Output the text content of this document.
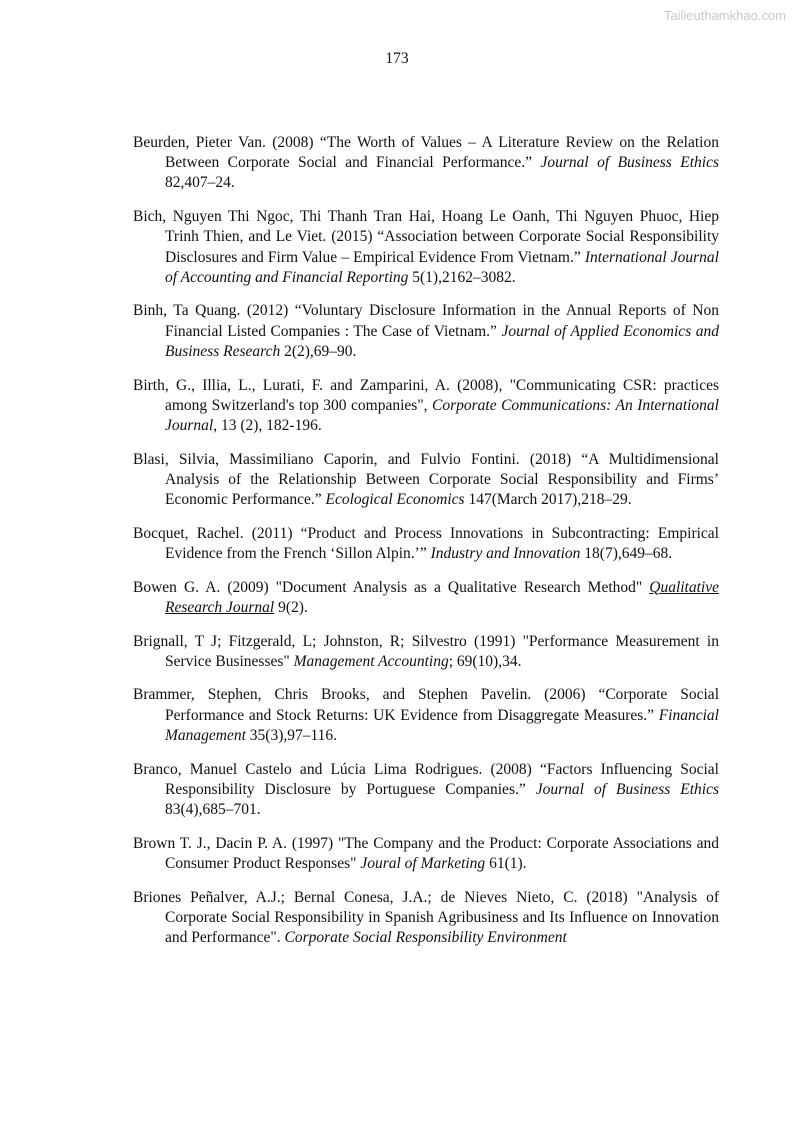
Tailieuthamkhao.com
173
Beurden, Pieter Van. (2008) “The Worth of Values – A Literature Review on the Relation Between Corporate Social and Financial Performance.” Journal of Business Ethics 82,407–24.
Bich, Nguyen Thi Ngoc, Thi Thanh Tran Hai, Hoang Le Oanh, Thi Nguyen Phuoc, Hiep Trinh Thien, and Le Viet. (2015) “Association between Corporate Social Responsibility Disclosures and Firm Value – Empirical Evidence From Vietnam.” International Journal of Accounting and Financial Reporting 5(1),2162–3082.
Binh, Ta Quang. (2012) “Voluntary Disclosure Information in the Annual Reports of Non Financial Listed Companies : The Case of Vietnam.” Journal of Applied Economics and Business Research 2(2),69–90.
Birth, G., Illia, L., Lurati, F. and Zamparini, A. (2008), "Communicating CSR: practices among Switzerland's top 300 companies", Corporate Communications: An International Journal, 13 (2), 182-196.
Blasi, Silvia, Massimiliano Caporin, and Fulvio Fontini. (2018) “A Multidimensional Analysis of the Relationship Between Corporate Social Responsibility and Firms’ Economic Performance.” Ecological Economics 147(March 2017),218–29.
Bocquet, Rachel. (2011) “Product and Process Innovations in Subcontracting: Empirical Evidence from the French ‘Sillon Alpin.’” Industry and Innovation 18(7),649–68.
Bowen G. A. (2009) "Document Analysis as a Qualitative Research Method" Qualitative Research Journal 9(2).
Brignall, T J; Fitzgerald, L; Johnston, R; Silvestro (1991) "Performance Measurement in Service Businesses" Management Accounting; 69(10),34.
Brammer, Stephen, Chris Brooks, and Stephen Pavelin. (2006) “Corporate Social Performance and Stock Returns: UK Evidence from Disaggregate Measures.” Financial Management 35(3),97–116.
Branco, Manuel Castelo and Lúcia Lima Rodrigues. (2008) “Factors Influencing Social Responsibility Disclosure by Portuguese Companies.” Journal of Business Ethics 83(4),685–701.
Brown T. J., Dacin P. A. (1997) "The Company and the Product: Corporate Associations and Consumer Product Responses" Joural of Marketing 61(1).
Briones Peñalver, A.J.; Bernal Conesa, J.A.; de Nieves Nieto, C. (2018) "Analysis of Corporate Social Responsibility in Spanish Agribusiness and Its Influence on Innovation and Performance". Corporate Social Responsibility Environment
